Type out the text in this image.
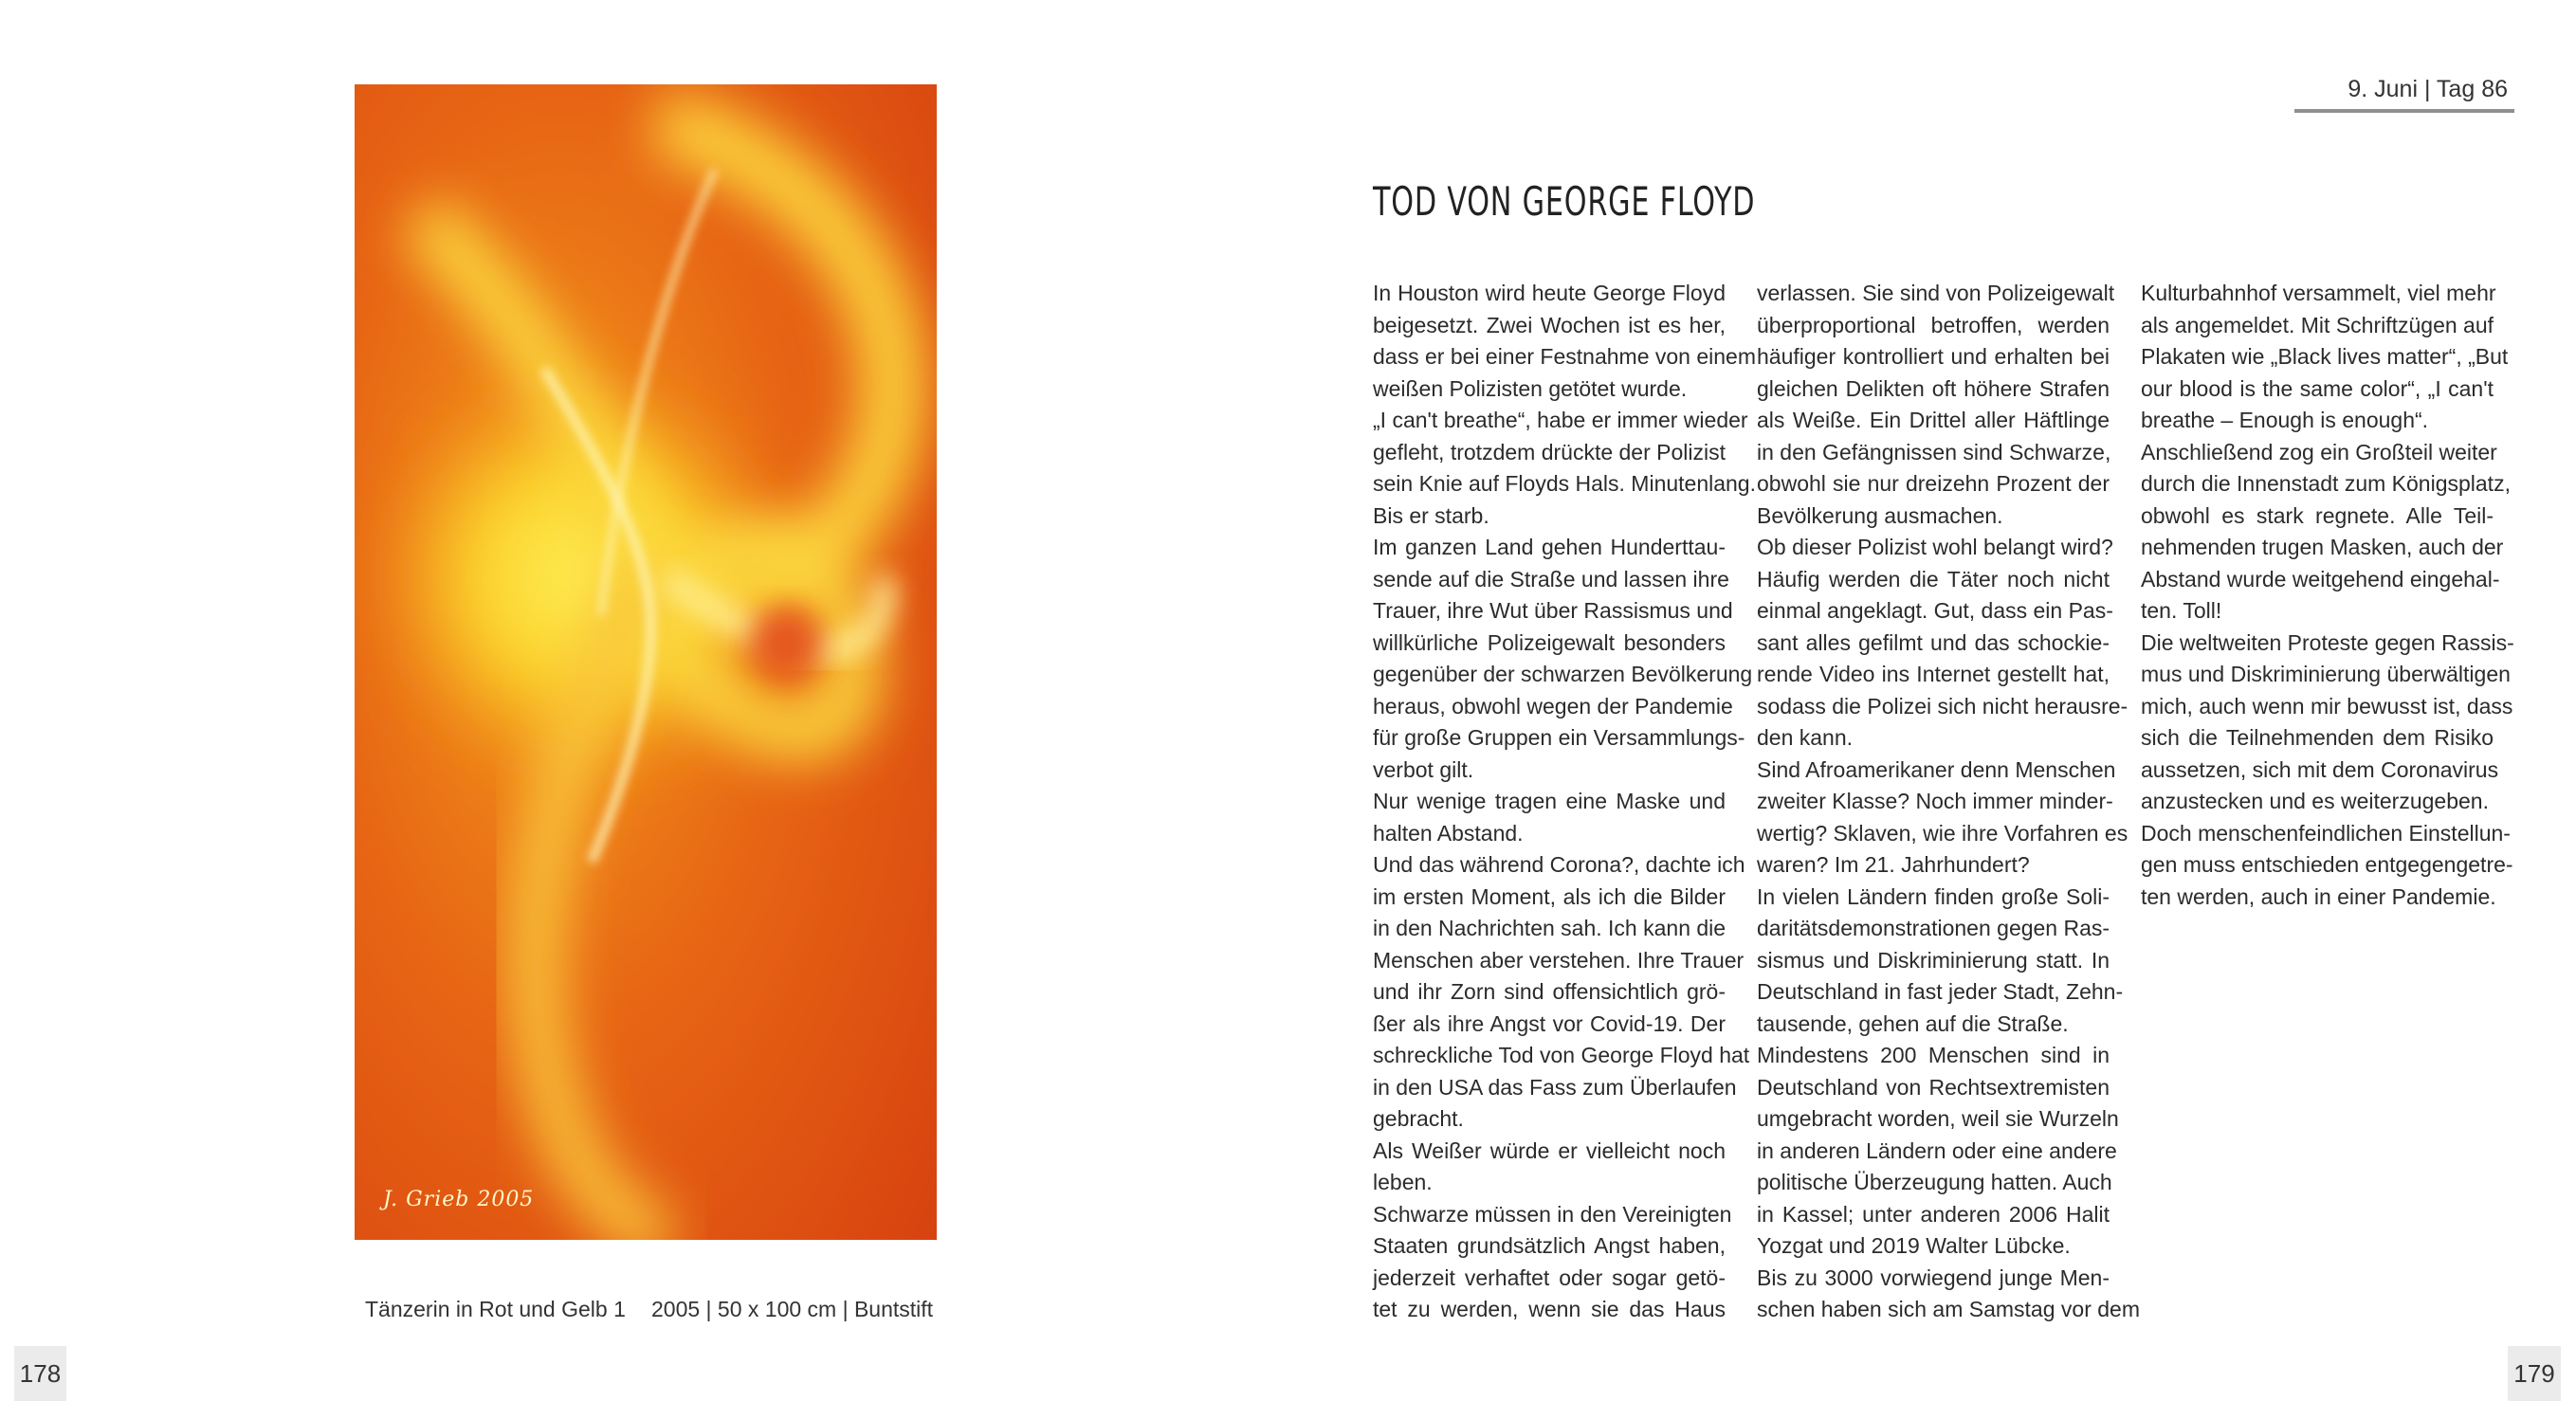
J. Grieb 2005
Tänzerin in Rot und Gelb 1 2005 | 50 x 100 cm | Buntstift
178	179
9. Juni | Tag 86
TOD VON GEORGE FLOYD
In Houston wird heute George Floyd
beigesetzt. Zwei Wochen ist es her,
dass er bei einer Festnahme von einem
weißen Polizisten getötet wurde.
„I can't breathe“, habe er immer wieder
gefleht, trotzdem drückte der Polizist
sein Knie auf Floyds Hals. Minutenlang.
Bis er starb.
Im ganzen Land gehen Hunderttau-
sende auf die Straße und lassen ihre
Trauer, ihre Wut über Rassismus und
willkürliche Polizeigewalt besonders
gegenüber der schwarzen Bevölkerung
heraus, obwohl wegen der Pandemie
für große Gruppen ein Versammlungs-
verbot gilt.
Nur wenige tragen eine Maske und
halten Abstand.
Und das während Corona?, dachte ich
im ersten Moment, als ich die Bilder
in den Nachrichten sah. Ich kann die
Menschen aber verstehen. Ihre Trauer
und ihr Zorn sind offensichtlich grö-
ßer als ihre Angst vor Covid-19. Der
schreckliche Tod von George Floyd hat
in den USA das Fass zum Überlaufen
gebracht.
Als Weißer würde er vielleicht noch
leben.
Schwarze müssen in den Vereinigten
Staaten grundsätzlich Angst haben,
jederzeit verhaftet oder sogar getö-
tet zu werden, wenn sie das Haus
verlassen. Sie sind von Polizeigewalt
überproportional betroffen, werden
häufiger kontrolliert und erhalten bei
gleichen Delikten oft höhere Strafen
als Weiße. Ein Drittel aller Häftlinge
in den Gefängnissen sind Schwarze,
obwohl sie nur dreizehn Prozent der
Bevölkerung ausmachen.
Ob dieser Polizist wohl belangt wird?
Häufig werden die Täter noch nicht
einmal angeklagt. Gut, dass ein Pas-
sant alles gefilmt und das schockie-
rende Video ins Internet gestellt hat,
sodass die Polizei sich nicht herausre-
den kann.
Sind Afroamerikaner denn Menschen
zweiter Klasse? Noch immer minder-
wertig? Sklaven, wie ihre Vorfahren es
waren? Im 21. Jahrhundert?
In vielen Ländern finden große Soli-
daritätsdemonstrationen gegen Ras-
sismus und Diskriminierung statt. In
Deutschland in fast jeder Stadt, Zehn-
tausende, gehen auf die Straße.
Mindestens 200 Menschen sind in
Deutschland von Rechtsextremisten
umgebracht worden, weil sie Wurzeln
in anderen Ländern oder eine andere
politische Überzeugung hatten. Auch
in Kassel; unter anderen 2006 Halit
Yozgat und 2019 Walter Lübcke.
Bis zu 3000 vorwiegend junge Men-
schen haben sich am Samstag vor dem
Kulturbahnhof versammelt, viel mehr
als angemeldet. Mit Schriftzügen auf
Plakaten wie „Black lives matter“, „But
our blood is the same color“, „I can't
breathe – Enough is enough“.
Anschließend zog ein Großteil weiter
durch die Innenstadt zum Königsplatz,
obwohl es stark regnete. Alle Teil-
nehmenden trugen Masken, auch der
Abstand wurde weitgehend eingehal-
ten. Toll!
Die weltweiten Proteste gegen Rassis-
mus und Diskriminierung überwältigen
mich, auch wenn mir bewusst ist, dass
sich die Teilnehmenden dem Risiko
aussetzen, sich mit dem Coronavirus
anzustecken und es weiterzugeben.
Doch menschenfeindlichen Einstellun-
gen muss entschieden entgegengetre-
ten werden, auch in einer Pandemie.
